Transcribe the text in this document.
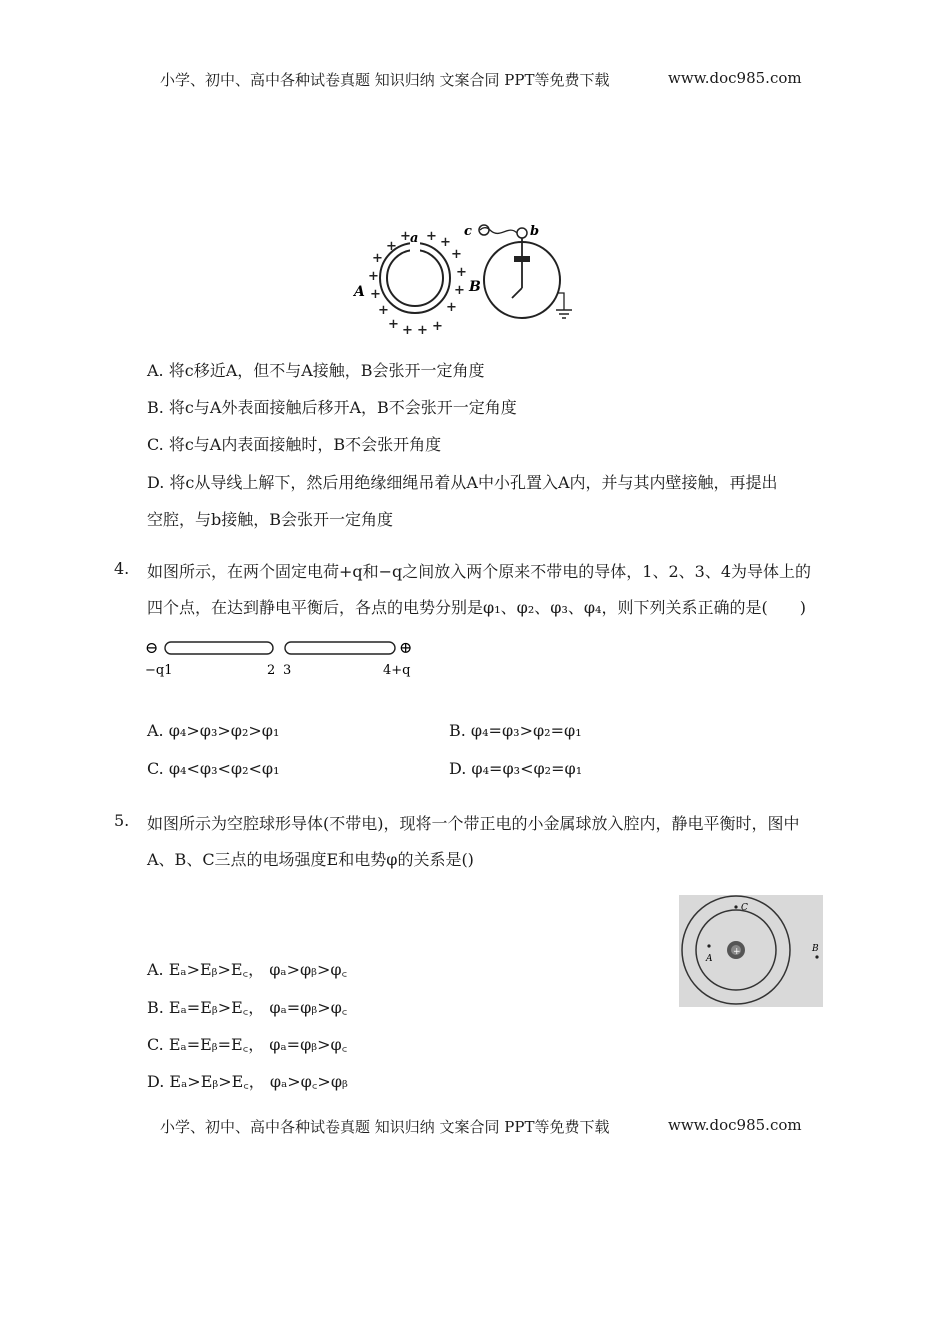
小学、初中、高中各种试卷真题 知识归纳 文案合同 PPT等免费下载	www.doc985.com
+
+ + +
+
+
+
+
+
+
+
+
+ + + +
a
A	B
c	b
A. 将c移近A，但不与A接触，B会张开一定角度
B. 将c与A外表面接触后移开A，B不会张开一定角度
C. 将c与A内表面接触时，B不会张开角度
D. 将c从导线上解下，然后用绝缘细绳吊着从A中小孔置入A内，并与其内壁接触，再提出
空腔，与b接触，B会张开一定角度
4. 如图所示，在两个固定电荷+q和−q之间放入两个原来不带电的导体，1、2、3、4为导体上的
四个点，在达到静电平衡后，各点的电势分别是φ₁、φ₂、φ₃、φ₄，则下列关系正确的是(　　)
⊖	⊕
−q1	2 3	4+q
A. φ₄>φ₃>φ₂>φ₁	B. φ₄=φ₃>φ₂=φ₁
C. φ₄<φ₃<φ₂<φ₁	D. φ₄=φ₃<φ₂=φ₁
5. 如图所示为空腔球形导体(不带电)，现将一个带正电的小金属球放入腔内，静电平衡时，图中
A、B、C三点的电场强度E和电势φ的关系是()
+
A
C
B
A. Eₐ>Eᵦ>E꜀， φₐ>φᵦ>φ꜀
B. Eₐ=Eᵦ>E꜀， φₐ=φᵦ>φ꜀
C. Eₐ=Eᵦ=E꜀， φₐ=φᵦ>φ꜀
D. Eₐ>Eᵦ>E꜀， φₐ>φ꜀>φᵦ
小学、初中、高中各种试卷真题 知识归纳 文案合同 PPT等免费下载	www.doc985.com
